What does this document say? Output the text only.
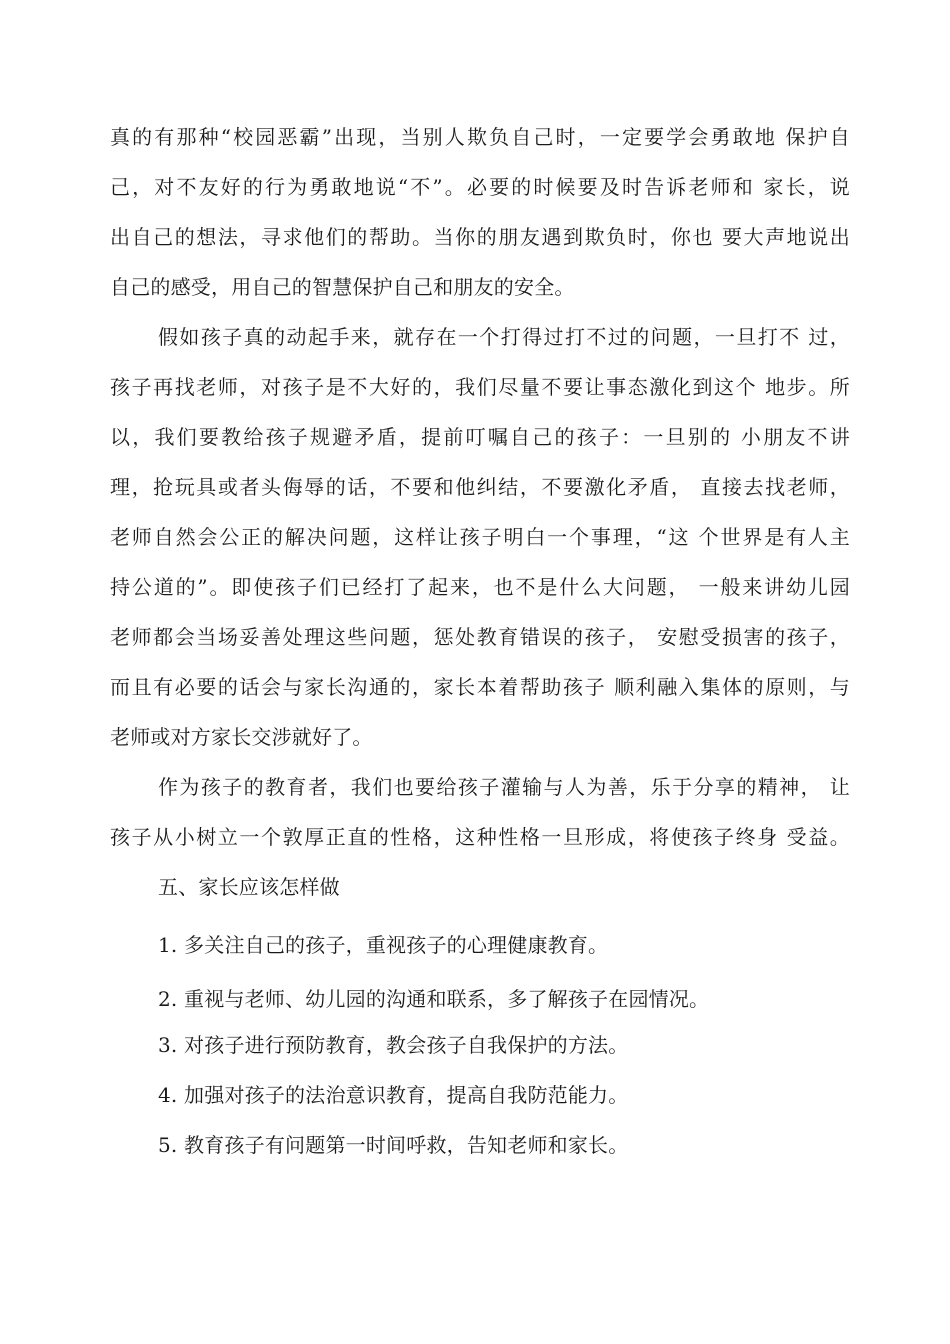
真的有那种“校园恶霸”出现，当别人欺负自己时，一定要学会勇敢地 保护自
己，对不友好的行为勇敢地说“不”。必要的时候要及时告诉老师和 家长，说
出自己的想法，寻求他们的帮助。当你的朋友遇到欺负时，你也 要大声地说出
自己的感受，用自己的智慧保护自己和朋友的安全。
假如孩子真的动起手来，就存在一个打得过打不过的问题，一旦打不 过，
孩子再找老师，对孩子是不大好的，我们尽量不要让事态激化到这个 地步。所
以，我们要教给孩子规避矛盾，提前叮嘱自己的孩子：一旦别的 小朋友不讲
理，抢玩具或者头侮辱的话，不要和他纠结，不要激化矛盾， 直接去找老师，
老师自然会公正的解决问题，这样让孩子明白一个事理，“这 个世界是有人主
持公道的”。即使孩子们已经打了起来，也不是什么大问题， 一般来讲幼儿园
老师都会当场妥善处理这些问题，惩处教育错误的孩子， 安慰受损害的孩子，
而且有必要的话会与家长沟通的，家长本着帮助孩子 顺利融入集体的原则，与
老师或对方家长交涉就好了。
作为孩子的教育者，我们也要给孩子灌输与人为善，乐于分享的精神， 让
孩子从小树立一个敦厚正直的性格，这种性格一旦形成，将使孩子终身 受益。
五、家长应该怎样做
1. 多关注自己的孩子，重视孩子的心理健康教育。
2. 重视与老师、幼儿园的沟通和联系，多了解孩子在园情况。
3. 对孩子进行预防教育，教会孩子自我保护的方法。
4. 加强对孩子的法治意识教育，提高自我防范能力。
5. 教育孩子有问题第一时间呼救，告知老师和家长。
